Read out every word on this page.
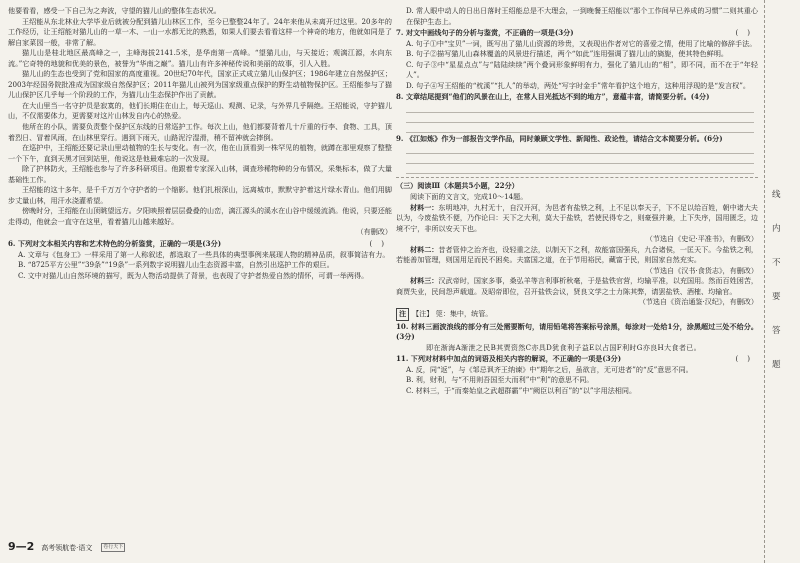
他要看看，感受一下自己为之奔波，守望的猫儿山的整体生态状况。

王绍能从东北林业大学毕业后就被分配到猫儿山林区工作，至今已整整24年了。24年来他从未离开过这里。20多年的工作经历，让王绍能对猫儿山的一草一木、一山一水都无比的熟悉，如果人们要去看看这样一个神奇的地方，他就如同是了解自家菜园一般，非常了解。

猫儿山是桂北地区最高峰之一，主峰海拔2141.5米，是华南第一高峰。“望猫儿山，与天接近；观漓江源，水向东流。”它奇特的地貌和优美的景色，被誉为“华南之巅”。猫儿山有许多神秘传说和美丽的故事，引人入胜。

猫儿山的生态也受到了党和国家的高度重视。20世纪70年代，国家正式成立猫儿山保护区；1986年建立自然保护区；2003年经国务院批准成为国家级自然保护区；2011年猫儿山被列为国家级重点保护的野生动植物保护区。王绍能参与了猫儿山保护区几乎每一个阶段的工作，为猫儿山生态保护作出了贡献。

在大山里当一名守护员是寂寞的，他们长期住在山上，每天巡山、观测、记录，与外界几乎隔绝。王绍能说，守护猫儿山，不仅需要体力，更需要对这片山林发自内心的热爱。

他所在的小队，需要负责整个保护区东线的日常巡护工作。每次上山，他们都要背着几十斤重的行李、食物、工具，顶着烈日、冒着风雨，在山林里穿行。遇到下雨天，山路泥泞湿滑，稍不留神就会摔倒。

在巡护中，王绍能还要记录山里动植物的生长与变化。有一次，他在山顶看到一株罕见的植物，就蹲在那里观察了整整一个下午，直到天黑才回到站里，他说这是他最难忘的一次发现。

除了护林防火，王绍能也参与了许多科研项目。他跟着专家深入山林，调查珍稀物种的分布情况，采集标本，做了大量基础性工作。

王绍能的这十多年，是千千万万个守护者的一个缩影。他们扎根深山，远离城市，默默守护着这片绿水青山。他们用脚步丈量山林，用汗水浇灌希望。

傍晚时分，王绍能在山顶眺望远方。夕阳映照着层层叠叠的山峦，漓江源头的溪水在山谷中缓缓流淌。他说，只要还能走得动，他就会一直守在这里，看着猫儿山越来越好。

（有删改）

6. 下列对文本相关内容和艺术特色的分析鉴赏，正确的一项是(3分)	(    )

A. 文章与《包身工》一样采用了第一人称叙述，都选取了一些具体的典型事例来展现人物的精神品质，叙事简洁有力。

B. “8725平方公里”“39条”“19条”一系列数字说明猫儿山生态资源丰富，自然引出巡护工作的艰巨。

C. 文中对猫儿山自然环境的描写，既为人物活动提供了背景，也表现了守护者热爱自然的情怀，可谓一举两得。

9—2 高考领航卷·语文 卷行天下

D. 常人眼中动人的日出日落时王绍能总是不大理会，一到晚餐王绍能以“那个工作间早已养成的习惯”二则其重心在保护生态上。

7. 对文中画线句子的分析与鉴赏，不正确的一项是(3分)	(    )

A. 句子①中“宝贝”一词，既写出了猫儿山资源的珍贵，又表现出作者对它的喜爱之情，使用了比喻的修辞手法。

B. 句子②描写猫儿山森林覆盖的风景进行描述，两个“如此”连用强调了猫儿山的旖旎，使其特色鲜明。

C. 句子③中“星星点点”与“陆陆续续”两个叠词形象鲜明有力，强化了猫儿山的“相”，即不同，而不在于“年轻人”。

D. 句子④写王绍能的“枕溪”“扎人”的举动，两处“写字时金手”常年看护这个地方，这种用浮现的是“发言权”。

8. 文章结尾提到“他们的风景在山上，在常人目光抵达不到的地方”，意蕴丰富，请简要分析。(4分)

9. 《江如炼》作为一部报告文学作品，同时兼顾文学性、新闻性、政论性，请结合文本简要分析。(6分)

（三）阅读Ⅲ（本题共5小题，22分）

阅读下面的文言文，完成10～14题。

材料一：东明地冲，九村无十，自汉开河，为邑者有盐铁之利，上不足以奉天子，下不足以给百姓，朝中诸大夫以为，今废盐铁不便，乃作论曰：天下之大利，莫大于盐铁，若使民得专之，则豪强并兼，上下失序，国用匮乏，边境不宁，非所以安天下也。

（节选自《史记·平准书》，有删改）

材料二：昔者管仲之治齐也，设轻重之法，以制天下之利，故能富国强兵，九合诸侯，一匡天下。今盐铁之利，若能善加管理，则国用足而民不困矣。夫富国之道，在于节用裕民，藏富于民，则国家自然充实。

（节选自《汉书·食货志》，有删改）

材料三：汉武帝时，国家多事，桑弘羊等言利事析秋毫，于是盐铁官营，均输平准，以充国用。然而百姓困苦，商贾失业，民间怨声载道。及昭帝即位，召开盐铁会议，贤良文学之士力陈其弊，请罢盐铁、酒榷、均输官。

（节选自《资治通鉴·汉纪》，有删改）

注 【注】 筦：集中，统管。

10. 材料三画波浪线的部分有三处需要断句，请用铅笔将答案标号涂黑，每涂对一处给1分，涂黑超过三处不给分。(3分)

即在渐海A渐泄之民B其贾资然C亦具D犹食利子益E以占国F利时G亦良H大食者已。

11. 下列对材料中加点的词语及相关内容的解说，不正确的一项是(3分)	(    )

A. 反，同“返”，与《邹忌讽齐王纳谏》中“期年之后，虽欲言，无可进者”的“反”意思不同。

B. 利，财利，与“不用则吾国至大而利”中“利”的意思不同。

C. 材料三，于“而秦始皇之武超群霸”中“阙臣以利百”的“以”字用法相同。

线
内
不
要
答
题
